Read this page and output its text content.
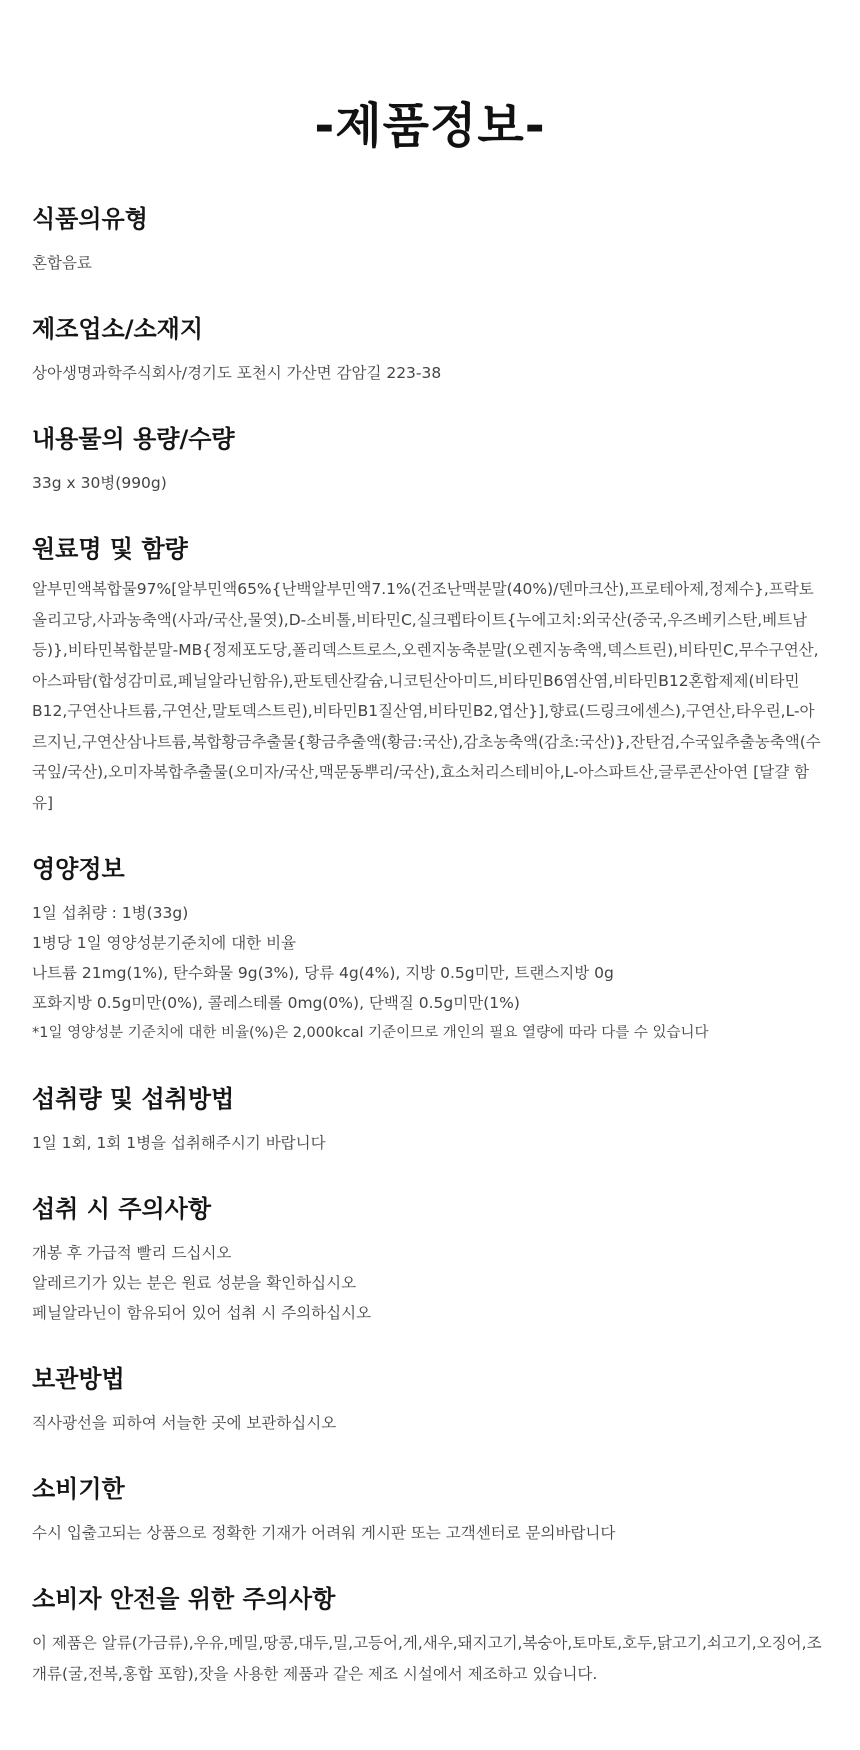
-제품정보-
식품의유형

혼합음료

제조업소/소재지

상아생명과학주식회사/경기도 포천시 가산면 감암길 223-38

내용물의 용량/수량

33g x 30병(990g)

원료명 및 함량

알부민액복합물97%[알부민액65%{난백알부민액7.1%(건조난맥분말(40%)/덴마크산),프로테아제,정제수},프락토올리고당,사과농축액(사과/국산,물엿),D-소비톨,비타민C,실크펩타이트{누에고치:외국산(중국,우즈베키스탄,베트남 등)},비타민복합분말-MB{정제포도당,폴리덱스트로스,오렌지농축분말(오렌지농축액,덱스트린),비타민C,무수구연산,아스파탐(합성감미료,페닐알라닌함유),판토텐산칼슘,니코틴산아미드,비타민B6염산염,비타민B12혼합제제(비타민B12,구연산나트륨,구연산,말토덱스트린),비타민B1질산염,비타민B2,엽산}],향료(드링크에센스),구연산,타우린,L-아르지닌,구연산삼나트륨,복합황금추출물{황금추출액(황금:국산),감초농축액(감초:국산)},잔탄검,수국잎추출농축액(수국잎/국산),오미자복합추출물(오미자/국산,맥문동뿌리/국산),효소처리스테비아,L-아스파트산,글루콘산아연 [달걀 함유]

영양정보

1일 섭취량 : 1병(33g)
1병당 1일 영양성분기준치에 대한 비율
나트륨 21mg(1%), 탄수화물 9g(3%), 당류 4g(4%), 지방 0.5g미만, 트랜스지방 0g
포화지방 0.5g미만(0%), 콜레스테롤 0mg(0%), 단백질 0.5g미만(1%)
*1일 영양성분 기준치에 대한 비율(%)은 2,000kcal 기준이므로 개인의 필요 열량에 따라 다를 수 있습니다

섭취량 및 섭취방법

1일 1회, 1회 1병을 섭취해주시기 바랍니다

섭취 시 주의사항

개봉 후 가급적 빨리 드십시오
알레르기가 있는 분은 원료 성분을 확인하십시오
페닐알라닌이 함유되어 있어 섭취 시 주의하십시오

보관방법

직사광선을 피하여 서늘한 곳에 보관하십시오

소비기한

수시 입출고되는 상품으로 정확한 기재가 어려워 게시판 또는 고객센터로 문의바랍니다

소비자 안전을 위한 주의사항

이 제품은 알류(가금류),우유,메밀,땅콩,대두,밀,고등어,게,새우,돼지고기,복숭아,토마토,호두,닭고기,쇠고기,오징어,조개류(굴,전복,홍합 포함),잣을 사용한 제품과 같은 제조 시설에서 제조하고 있습니다.
